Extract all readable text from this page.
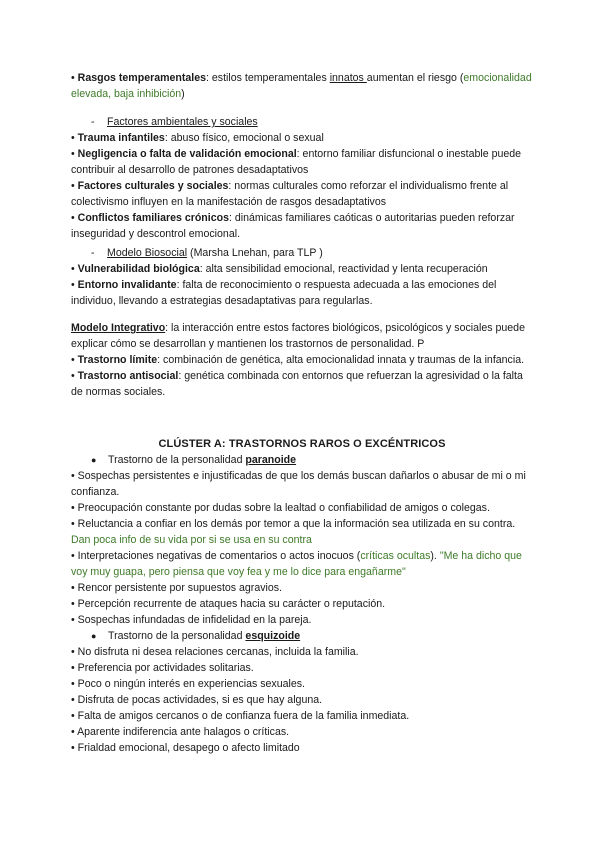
• Rasgos temperamentales: estilos temperamentales innatos aumentan el riesgo (emocionalidad elevada, baja inhibición)

- Factores ambientales y sociales

• Trauma infantiles: abuso físico, emocional o sexual

• Negligencia o falta de validación emocional: entorno familiar disfuncional o inestable puede contribuir al desarrollo de patrones desadaptativos

• Factores culturales y sociales: normas culturales como reforzar el individualismo frente al colectivismo influyen en la manifestación de rasgos desadaptativos

• Conflictos familiares crónicos: dinámicas familiares caóticas o autoritarias pueden reforzar inseguridad y descontrol emocional.

- Modelo Biosocial (Marsha Lnehan, para TLP )

• Vulnerabilidad biológica: alta sensibilidad emocional, reactividad y lenta recuperación

• Entorno invalidante: falta de reconocimiento o respuesta adecuada a las emociones del individuo, llevando a estrategias desadaptativas para regularlas.

Modelo Integrativo: la interacción entre estos factores biológicos, psicológicos y sociales puede explicar cómo se desarrollan y mantienen los trastornos de personalidad. P

• Trastorno límite: combinación de genética, alta emocionalidad innata y traumas de la infancia.

• Trastorno antisocial: genética combinada con entornos que refuerzan la agresividad o la falta de normas sociales.

CLÚSTER A: TRASTORNOS RAROS O EXCÉNTRICOS

● Trastorno de la personalidad paranoide

• Sospechas persistentes e injustificadas de que los demás buscan dañarlos o abusar de mi o mi confianza.

• Preocupación constante por dudas sobre la lealtad o confiabilidad de amigos o colegas.

• Reluctancia a confiar en los demás por temor a que la información sea utilizada en su contra. Dan poca info de su vida por si se usa en su contra

• Interpretaciones negativas de comentarios o actos inocuos (críticas ocultas). "Me ha dicho que voy muy guapa, pero piensa que voy fea y me lo dice para engañarme"

• Rencor persistente por supuestos agravios.

• Percepción recurrente de ataques hacia su carácter o reputación.

• Sospechas infundadas de infidelidad en la pareja.

● Trastorno de la personalidad esquizoide

• No disfruta ni desea relaciones cercanas, incluida la familia.

• Preferencia por actividades solitarias.

• Poco o ningún interés en experiencias sexuales.

• Disfruta de pocas actividades, si es que hay alguna.

• Falta de amigos cercanos o de confianza fuera de la familia inmediata.

• Aparente indiferencia ante halagos o críticas.

• Frialdad emocional, desapego o afecto limitado
